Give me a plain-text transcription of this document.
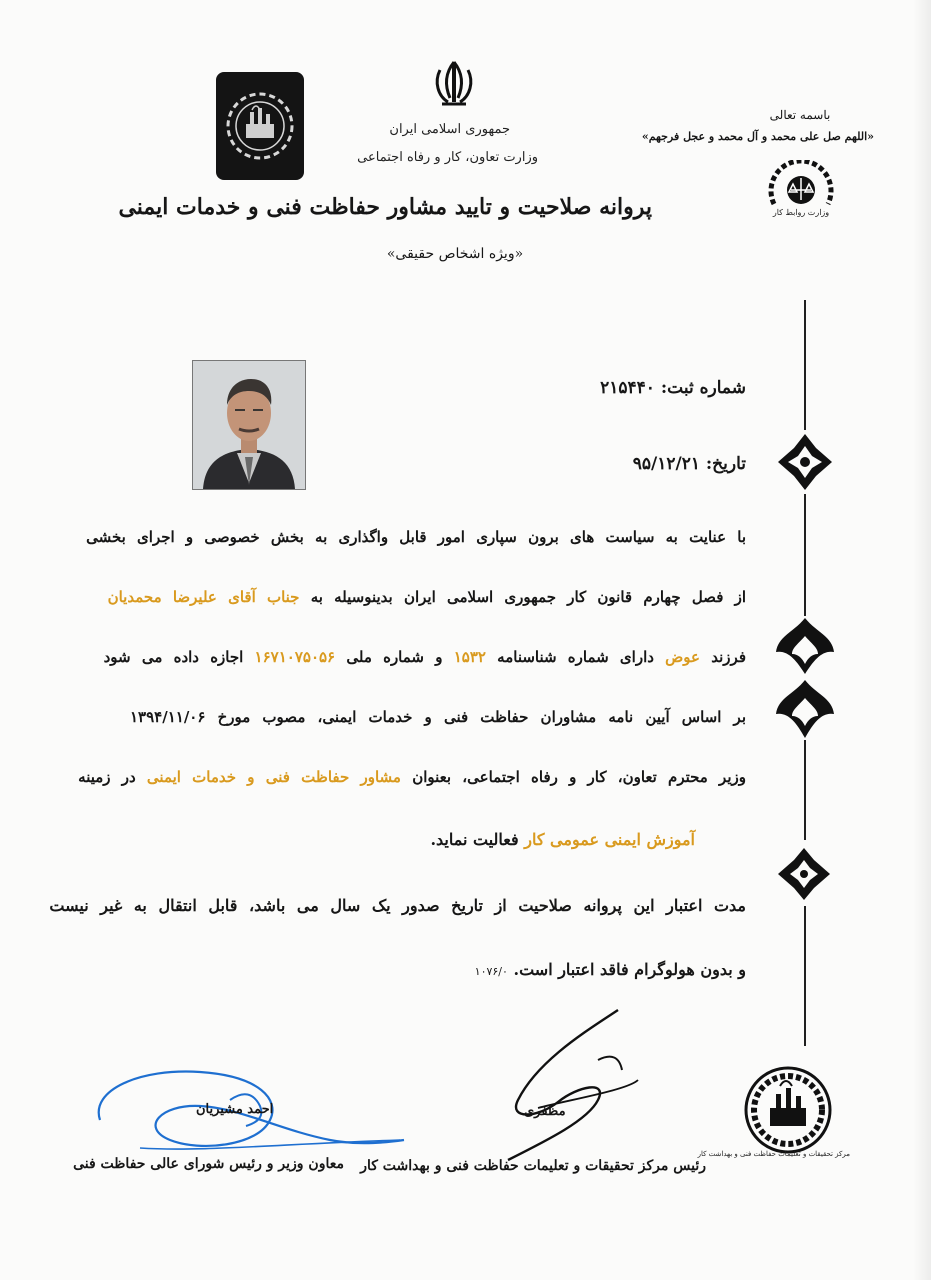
جمهوری اسلامی ایران
وزارت تعاون، کار و رفاه اجتماعی
پروانه صلاحیت و تایید مشاور حفاظت فنی و خدمات ایمنی
«ویژه اشخاص حقیقی»
باسمه تعالی
«اللهم صل علی محمد و آل محمد و عجل فرجهم»
وزارت روابط کار
شماره ثبت: ۲۱۵۴۴۰
تاریخ: ۹۵/۱۲/۲۱
با عنایت به سیاست های برون سپاری امور قابل واگذاری به بخش خصوصی و اجرای بخشی
از فصل چهارم قانون کار جمهوری اسلامی ایران بدینوسیله به جناب آقای علیرضا محمدیان
فرزند عوض دارای شماره شناسنامه ۱۵۳۲ و شماره ملی ۱۶۷۱۰۷۵۰۵۶ اجازه داده می شود
بر اساس آیین نامه مشاوران حفاظت فنی و خدمات ایمنی، مصوب مورخ ۱۳۹۴/۱۱/۰۶
وزیر محترم تعاون، کار و رفاه اجتماعی، بعنوان مشاور حفاظت فنی و خدمات ایمنی در زمینه
آموزش ایمنی عمومی کار فعالیت نماید.
مدت اعتبار این پروانه صلاحیت از تاریخ صدور یک سال می باشد، قابل انتقال به غیر نیست
و بدون هولوگرام فاقد اعتبار است. ۱۰۷۶/۰
احمد مشیریان
معاون وزیر و رئیس شورای عالی حفاظت فنی
مظفری
رئیس مرکز تحقیقات و تعلیمات حفاظت فنی و بهداشت کار
مرکز تحقیقات و تعلیمات حفاظت فنی و بهداشت کار
